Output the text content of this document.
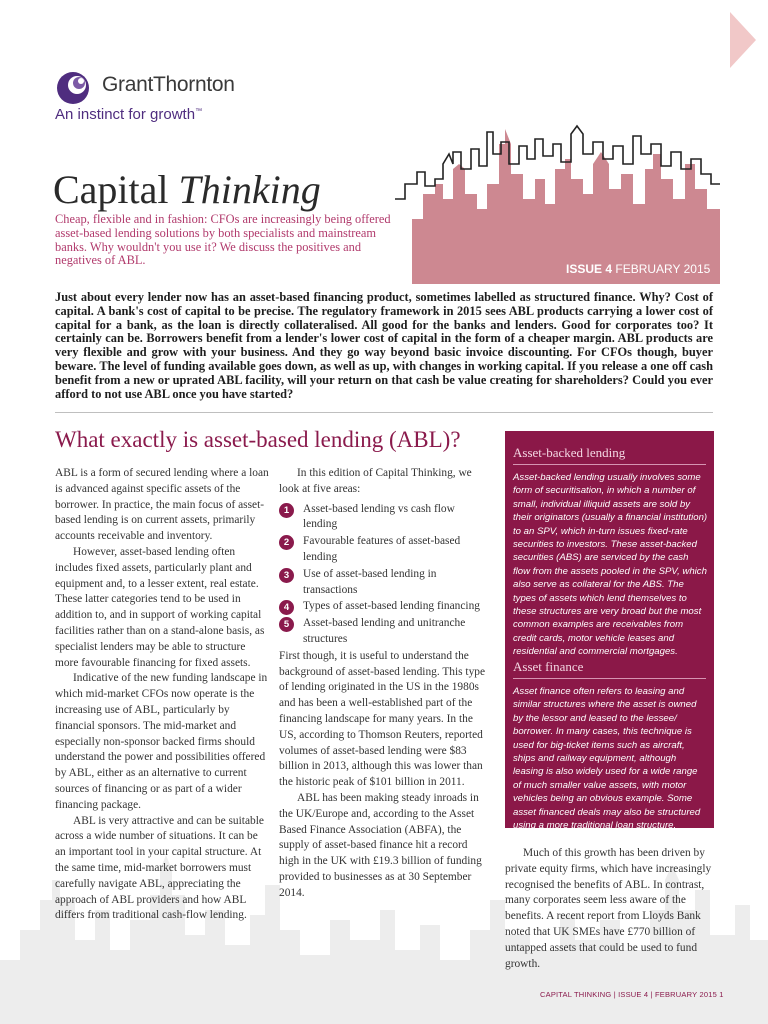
GrantThornton
An instinct for growth™
ISSUE 4 FEBRUARY 2015
Capital Thinking
Cheap, flexible and in fashion: CFOs are increasingly being offered asset-based lending solutions by both specialists and mainstream banks. Why wouldn't you use it? We discuss the positives and negatives of ABL.
Just about every lender now has an asset-based financing product, sometimes labelled as structured finance. Why? Cost of capital. A bank's cost of capital to be precise. The regulatory framework in 2015 sees ABL products carrying a lower cost of capital for a bank, as the loan is directly collateralised. All good for the banks and lenders. Good for corporates too? It certainly can be. Borrowers benefit from a lender's lower cost of capital in the form of a cheaper margin. ABL products are very flexible and grow with your business. And they go way beyond basic invoice discounting. For CFOs though, buyer beware. The level of funding available goes down, as well as up, with changes in working capital. If you release a one off cash benefit from a new or uprated ABL facility, will your return on that cash be value creating for shareholders? Could you ever afford to not use ABL once you have started?
What exactly is asset-based lending (ABL)?

ABL is a form of secured lending where a loan is advanced against specific assets of the borrower. In practice, the main focus of asset-based lending is on current assets, primarily accounts receivable and inventory.

However, asset-based lending often includes fixed assets, particularly plant and equipment and, to a lesser extent, real estate. These latter categories tend to be used in addition to, and in support of working capital facilities rather than on a stand-alone basis, as specialist lenders may be able to structure more favourable financing for fixed assets.

Indicative of the new funding landscape in which mid-market CFOs now operate is the increasing use of ABL, particularly by financial sponsors. The mid-market and especially non-sponsor backed firms should understand the power and possibilities offered by ABL, either as an alternative to current sources of financing or as part of a wider financing package.

ABL is very attractive and can be suitable across a wide number of situations. It can be an important tool in your capital structure. At the same time, mid-market borrowers must carefully navigate ABL, appreciating the approach of ABL providers and how ABL differs from traditional cash-flow lending.

In this edition of Capital Thinking, we look at five areas:

1	Asset-based lending vs cash flow lending
2	Favourable features of asset-based lending
3	Use of asset-based lending in transactions
4	Types of asset-based lending financing
5	Asset-based lending and unitranche structures

First though, it is useful to understand the background of asset-based lending. This type of lending originated in the US in the 1980s and has been a well-established part of the financing landscape for many years. In the US, according to Thomson Reuters, reported volumes of asset-based lending were $83 billion in 2013, although this was lower than the historic peak of $101 billion in 2011.

ABL has been making steady inroads in the UK/Europe and, according to the Asset Based Finance Association (ABFA), the supply of asset-based finance hit a record high in the UK with £19.3 billion of funding provided to businesses as at 30 September 2014.

Asset-backed lending
Asset-backed lending usually involves some form of securitisation, in which a number of small, individual illiquid assets are sold by their originators (usually a financial institution) to an SPV, which in-turn issues fixed-rate securities to investors. These asset-backed securities (ABS) are serviced by the cash flow from the assets pooled in the SPV, which also serve as collateral for the ABS. The types of assets which lend themselves to these structures are very broad but the most common examples are receivables from credit cards, motor vehicle leases and residential and commercial mortgages.
Asset finance
Asset finance often refers to leasing and similar structures where the asset is owned by the lessor and leased to the lessee/ borrower. In many cases, this technique is used for big-ticket items such as aircraft, ships and railway equipment, although leasing is also widely used for a wide range of much smaller value assets, with motor vehicles being an obvious example. Some asset financed deals may also be structured using a more traditional loan structure.

Much of this growth has been driven by private equity firms, which have increasingly recognised the benefits of ABL. In contrast, many corporates seem less aware of the benefits. A recent report from Lloyds Bank noted that UK SMEs have £770 billion of untapped assets that could be used to fund growth.

CAPITAL THINKING | ISSUE 4 | FEBRUARY 2015 1
